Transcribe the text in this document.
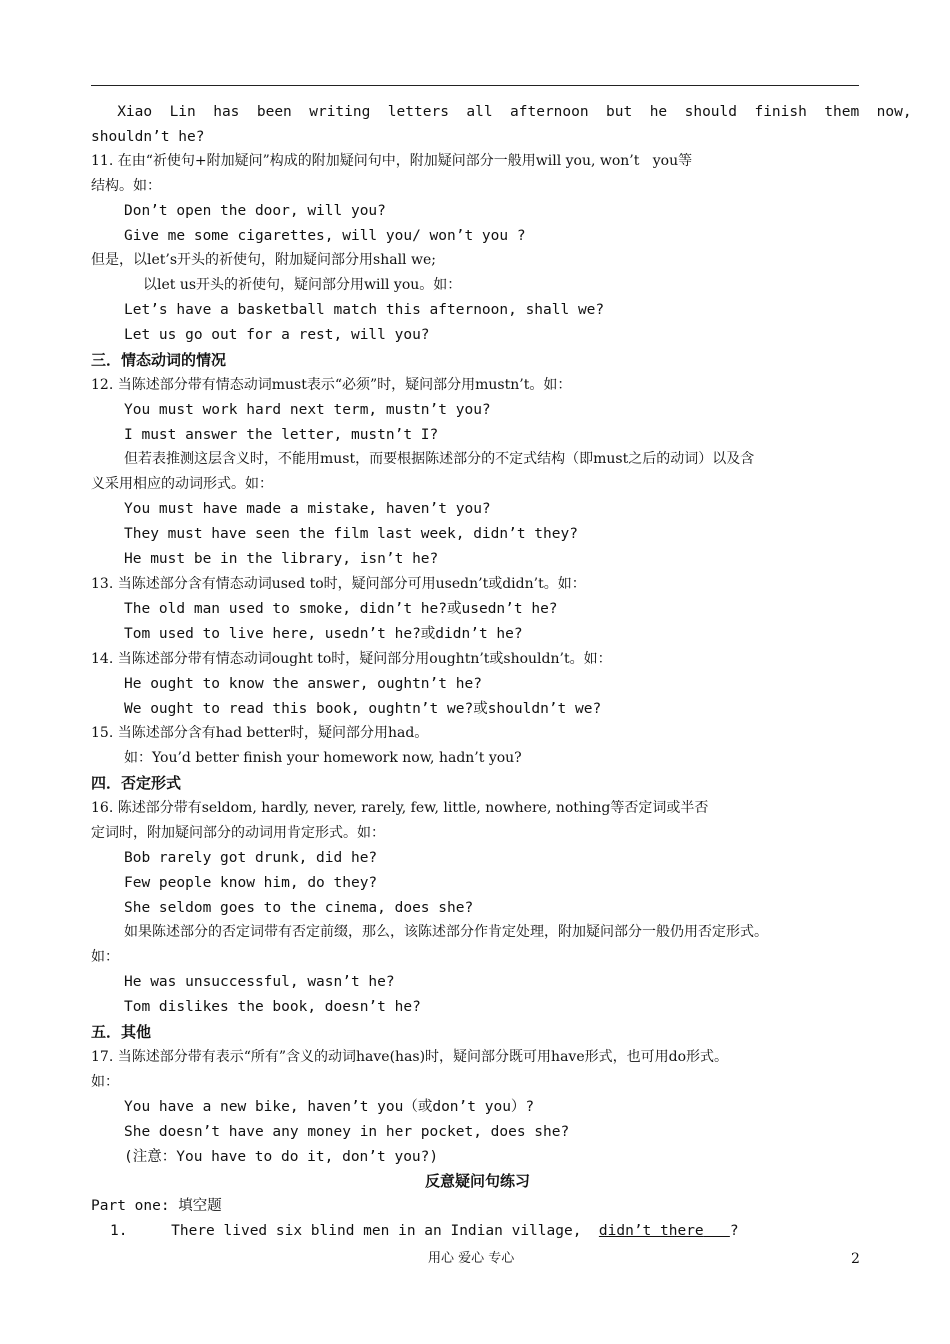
Xiao  Lin  has  been  writing  letters  all  afternoon  but  he  should  finish  them  now,
shouldn’t he?
11. 在由“祈使句+附加疑问”构成的附加疑问句中，附加疑问部分一般用will you, won’t   you等
结构。如：
Don’t open the door, will you?
Give me some cigarettes, will you/ won’t you ?
但是，以let’s开头的祈使句，附加疑问部分用shall we;
以let us开头的祈使句，疑问部分用will you。如：
Let’s have a basketball match this afternoon, shall we?
Let us go out for a rest, will you?
三．情态动词的情况
12. 当陈述部分带有情态动词must表示“必须”时，疑问部分用mustn’t。如：
You must work hard next term, mustn’t you?
I must answer the letter, mustn’t I?
但若表推测这层含义时，不能用must，而要根据陈述部分的不定式结构（即must之后的动词）以及含
义采用相应的动词形式。如：
You must have made a mistake, haven’t you?
They must have seen the film last week, didn’t they?
He must be in the library, isn’t he?
13. 当陈述部分含有情态动词used to时，疑问部分可用usedn’t或didn’t。如：
The old man used to smoke, didn’t he?或usedn’t he?
Tom used to live here, usedn’t he?或didn’t he?
14. 当陈述部分带有情态动词ought to时，疑问部分用oughtn’t或shouldn’t。如：
He ought to know the answer, oughtn’t he?
We ought to read this book, oughtn’t we?或shouldn’t we?
15. 当陈述部分含有had better时，疑问部分用had。
如：You’d better finish your homework now, hadn’t you?
四．否定形式
16. 陈述部分带有seldom, hardly, never, rarely, few, little, nowhere, nothing等否定词或半否
定词时，附加疑问部分的动词用肯定形式。如：
Bob rarely got drunk, did he?
Few people know him, do they?
She seldom goes to the cinema, does she?
如果陈述部分的否定词带有否定前缀，那么，该陈述部分作肯定处理，附加疑问部分一般仍用否定形式。
如：
He was unsuccessful, wasn’t he?
Tom dislikes the book, doesn’t he?
五．其他
17. 当陈述部分带有表示“所有”含义的动词have(has)时，疑问部分既可用have形式，也可用do形式。
如：
You have a new bike, haven’t you（或don’t you）?
She doesn’t have any money in her pocket, does she?
(注意：You have to do it, don’t you?)
反意疑问句练习
Part one: 填空题
1.	There lived six blind men in an Indian village, didn’t there ?
用心 爱心 专心	2
